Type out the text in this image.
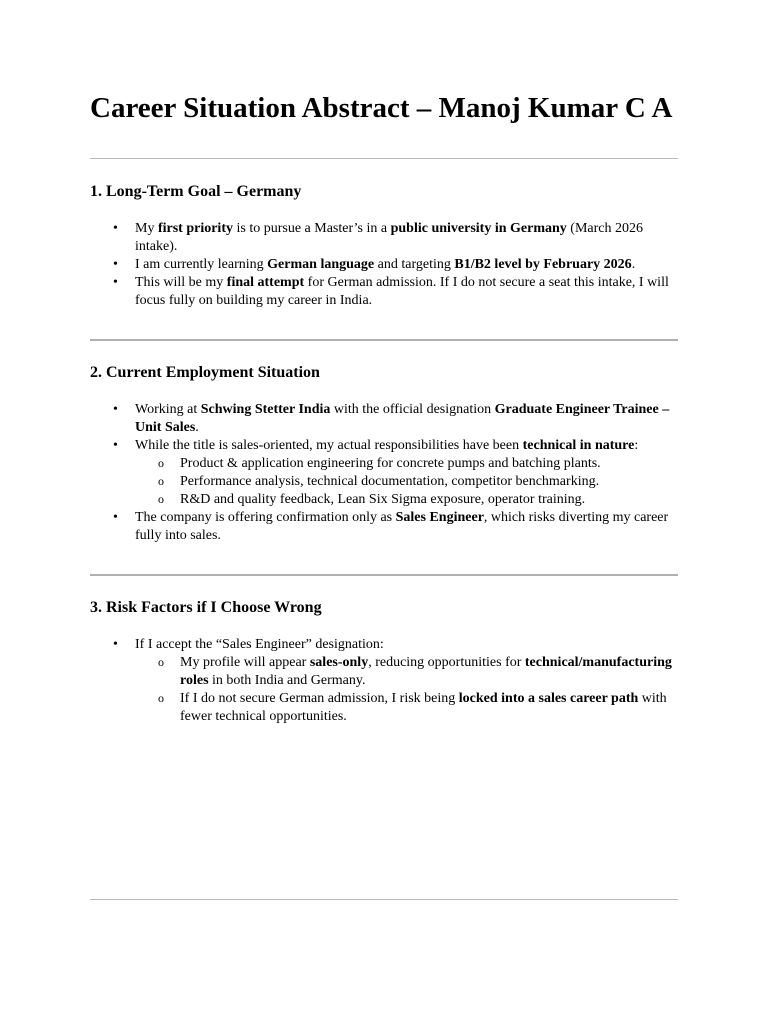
Career Situation Abstract – Manoj Kumar C A
1. Long-Term Goal – Germany
• My first priority is to pursue a Master’s in a public university in Germany (March 2026 intake).
• I am currently learning German language and targeting B1/B2 level by February 2026.
• This will be my final attempt for German admission. If I do not secure a seat this intake, I will focus fully on building my career in India.
2. Current Employment Situation
• Working at Schwing Stetter India with the official designation Graduate Engineer Trainee – Unit Sales.
• While the title is sales-oriented, my actual responsibilities have been technical in nature:
o Product & application engineering for concrete pumps and batching plants.
o Performance analysis, technical documentation, competitor benchmarking.
o R&D and quality feedback, Lean Six Sigma exposure, operator training.
• The company is offering confirmation only as Sales Engineer, which risks diverting my career fully into sales.
3. Risk Factors if I Choose Wrong
• If I accept the “Sales Engineer” designation:
o My profile will appear sales-only, reducing opportunities for technical/manufacturing roles in both India and Germany.
o If I do not secure German admission, I risk being locked into a sales career path with fewer technical opportunities.
